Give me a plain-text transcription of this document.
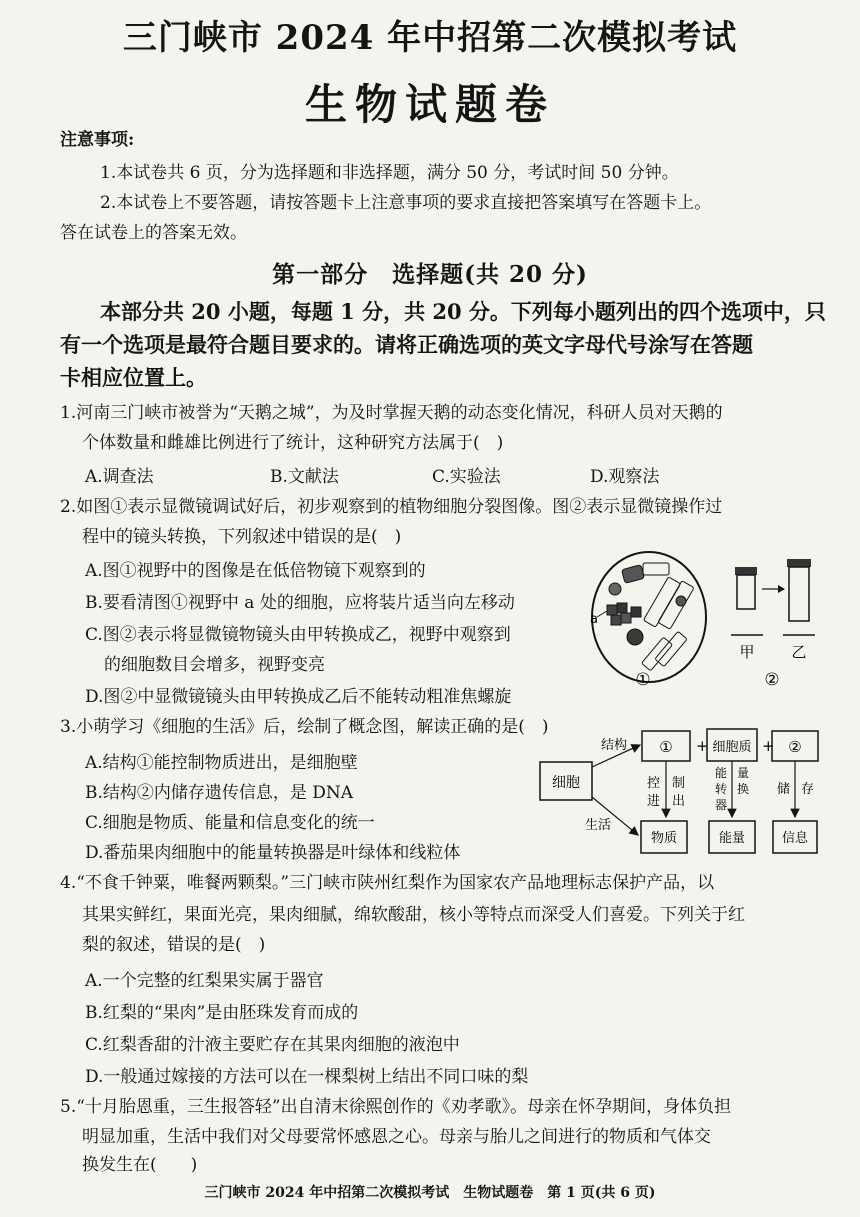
三门峡市 2024 年中招第二次模拟考试
生物试题卷
注意事项:
1.本试卷共 6 页，分为选择题和非选择题，满分 50 分，考试时间 50 分钟。
2.本试卷上不要答题，请按答题卡上注意事项的要求直接把答案填写在答题卡上。
答在试卷上的答案无效。
第一部分　选择题(共 20 分)
本部分共 20 小题，每题 1 分，共 20 分。下列每小题列出的四个选项中，只
有一个选项是最符合题目要求的。请将正确选项的英文字母代号涂写在答题
卡相应位置上。
1.河南三门峡市被誉为“天鹅之城”，为及时掌握天鹅的动态变化情况，科研人员对天鹅的
个体数量和雌雄比例进行了统计，这种研究方法属于(　)
A.调查法	B.文献法	C.实验法	D.观察法
2.如图①表示显微镜调试好后，初步观察到的植物细胞分裂图像。图②表示显微镜操作过
程中的镜头转换，下列叙述中错误的是(　)
A.图①视野中的图像是在低倍物镜下观察到的
B.要看清图①视野中 a 处的细胞，应将装片适当向左移动
C.图②表示将显微镜物镜头由甲转换成乙，视野中观察到
的细胞数目会增多，视野变亮
D.图②中显微镜镜头由甲转换成乙后不能转动粗准焦螺旋
a
①
甲 乙
②
3.小萌学习《细胞的生活》后，绘制了概念图，解读正确的是(　)
A.结构①能控制物质进出，是细胞壁
B.结构②内储存遗传信息，是 DNA
C.细胞是物质、能量和信息变化的统一
D.番茄果肉细胞中的能量转换器是叶绿体和线粒体
细胞
结构
生活
① + 细胞质 + ②
控
进
制
出
能
转
器
量
换 储 存
物质	能量	信息
4.“不食千钟粟，唯餐两颗梨。”三门峡市陕州红梨作为国家农产品地理标志保护产品，以
其果实鲜红，果面光亮，果肉细腻，绵软酸甜，核小等特点而深受人们喜爱。下列关于红
梨的叙述，错误的是(　)
A.一个完整的红梨果实属于器官
B.红梨的“果肉”是由胚珠发育而成的
C.红梨香甜的汁液主要贮存在其果肉细胞的液泡中
D.一般通过嫁接的方法可以在一棵梨树上结出不同口味的梨
5.“十月胎恩重，三生报答轻”出自清末徐熙创作的《劝孝歌》。母亲在怀孕期间，身体负担
明显加重，生活中我们对父母要常怀感恩之心。母亲与胎儿之间进行的物质和气体交
换发生在(　　)
三门峡市 2024 年中招第二次模拟考试　生物试题卷　第 1 页(共 6 页)
